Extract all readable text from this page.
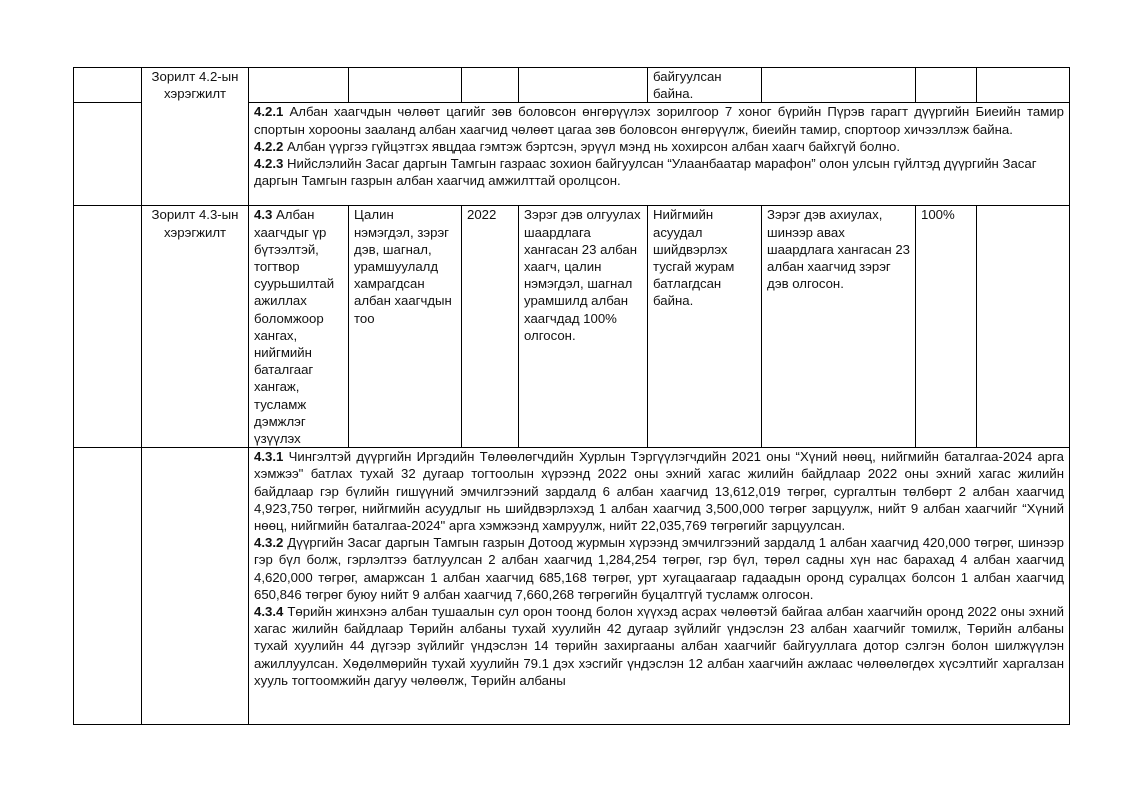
	Зорилт 4.2-ын хэрэгжилт					байгуулсан байна.			

		4.2.1 Албан хаагчдын чөлөөт цагийг зөв боловсон өнгөрүүлэх зорилгоор 7 хоног бүрийн Пүрэв гарагт дүүргийн Биеийн тамир спортын хорооны зааланд албан хаагчид чөлөөт цагаа зөв боловсон өнгөрүүлж, биеийн тамир, спортоор хичээллэж байна.

4.2.2 Албан үүргээ гүйцэтгэх явцдаа гэмтэж бэртсэн, эрүүл мэнд нь хохирсон албан хаагч байхгүй болно.

4.2.3 Нийслэлийн Засаг даргын Тамгын газраас зохион байгуулсан “Улаанбаатар марафон” олон улсын гүйлтэд дүүргийн Засаг даргын Тамгын газрын албан хаагчид амжилттай оролцсон.							

	Зорилт 4.3-ын хэрэгжилт	4.3 Албан хаагчдыг үр бүтээлтэй, тогтвор суурьшилтай ажиллах боломжоор хангах, нийгмийн баталгааг хангаж, тусламж дэмжлэг үзүүлэх	Цалин нэмэгдэл, зэрэг дэв, шагнал, урамшуулалд хамрагдсан албан хаагчдын тоо	2022	Зэрэг дэв олгуулах шаардлага хангасан 23 албан хаагч, цалин нэмэгдэл, шагнал урамшилд албан хаагчдад 100% олгосон.	Нийгмийн асуудал шийдвэрлэх тусгай журам батлагдсан байна.	Зэрэг дэв ахиулах, шинээр авах шаардлага хангасан 23 албан хаагчид зэрэг дэв олгосон.	100%	

		4.3.1 Чингэлтэй дүүргийн Иргэдийн Төлөөлөгчдийн Хурлын Тэргүүлэгчдийн 2021 оны “Хүний нөөц, нийгмийн баталгаа-2024 арга хэмжээ" батлах тухай 32 дугаар тогтоолын хүрээнд 2022 оны эхний хагас жилийн байдлаар 2022 оны эхний хагас жилийн байдлаар гэр бүлийн гишүүний эмчилгээний зардалд 6 албан хаагчид 13,612,019 төгрөг, сургалтын төлбөрт 2 албан хаагчид 4,923,750 төгрөг, нийгмийн асуудлыг нь шийдвэрлэхэд 1 албан хаагчид 3,500,000 төгрөг зарцуулж, нийт 9 албан хаагчийг “Хүний нөөц, нийгмийн баталгаа-2024" арга хэмжээнд хамруулж, нийт 22,035,769 төгрөгийг зарцуулсан.

4.3.2 Дүүргийн Засаг даргын Тамгын газрын Дотоод журмын хүрээнд эмчилгээний зардалд 1 албан хаагчид 420,000 төгрөг, шинээр гэр бүл болж, гэрлэлтээ батлуулсан 2 албан хаагчид 1,284,254 төгрөг, гэр бүл, төрөл садны хүн нас барахад 4 албан хаагчид 4,620,000 төгрөг, амаржсан 1 албан хаагчид 685,168 төгрөг, урт хугацаагаар гадаадын оронд суралцах болсон 1 албан хаагчид 650,846 төгрөг буюу нийт 9 албан хаагчид 7,660,268 төгрөгийн буцалтгүй тусламж олгосон.

4.3.4 Төрийн жинхэнэ албан тушаалын сул орон тоонд болон хүүхэд асрах чөлөөтэй байгаа албан хаагчийн оронд 2022 оны эхний хагас жилийн байдлаар Төрийн албаны тухай хуулийн 42 дугаар зүйлийг үндэслэн 23 албан хаагчийг томилж, Төрийн албаны тухай хуулийн 44 дүгээр зүйлийг үндэслэн 14 төрийн захиргааны албан хаагчийг байгууллага дотор сэлгэн болон шилжүүлэн ажиллуулсан. Хөдөлмөрийн тухай хуулийн 79.1 дэх хэсгийг үндэслэн 12 албан хаагчийн ажлаас чөлөөлөгдөх хүсэлтийг харгалзан хууль тогтоомжийн дагуу чөлөөлж, Төрийн албаны							
